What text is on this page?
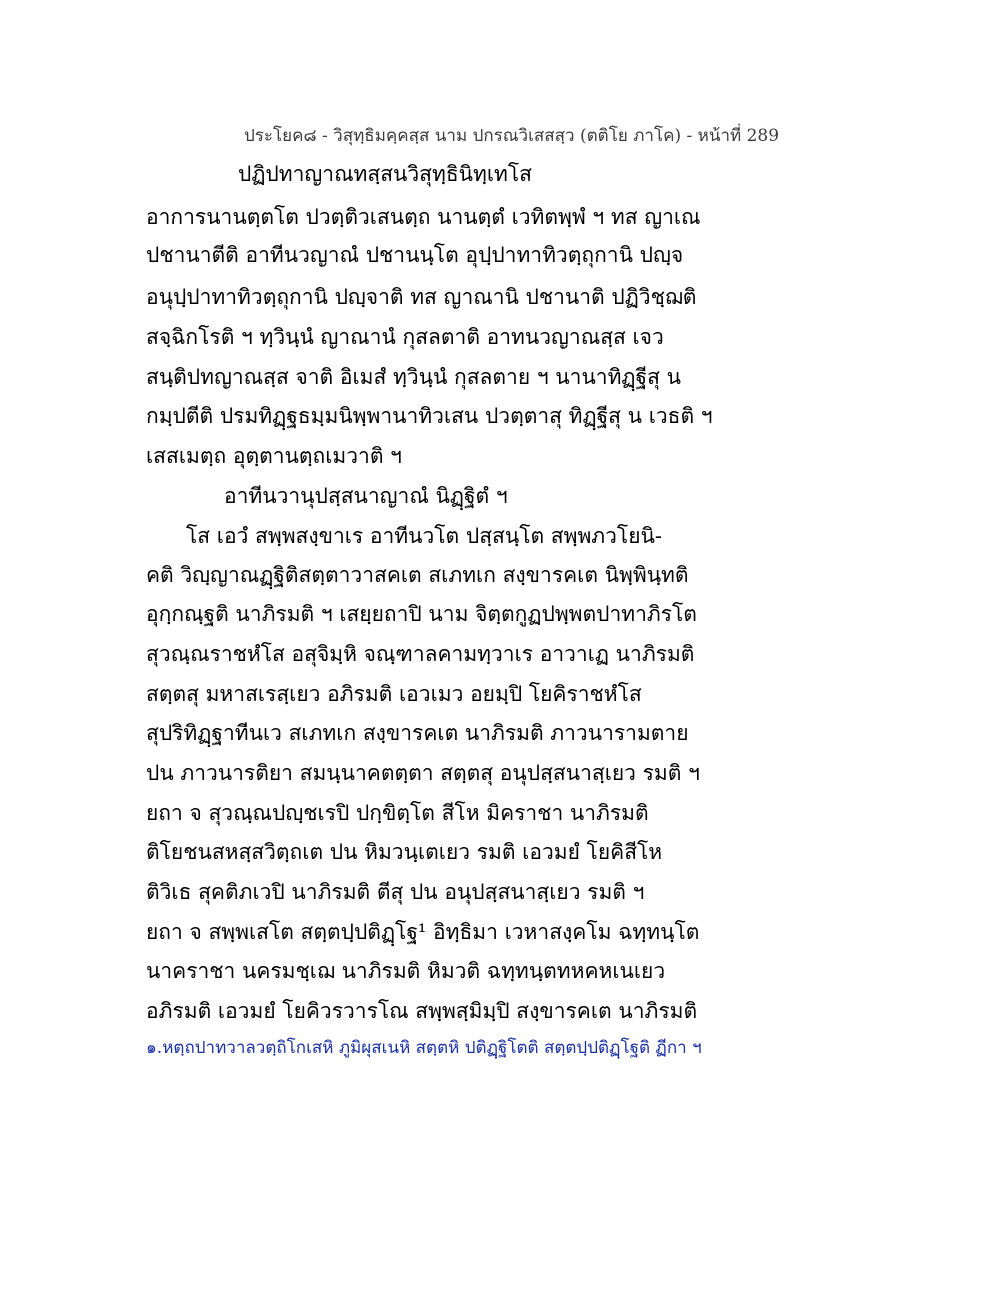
ประโยค๘ - วิสุทฺธิมคฺคสฺส นาม ปกรณวิเสสสฺว (ตติโย ภาโค) - หน้าที่ 289
ปฏิปทาญาณทสฺสนวิสุทฺธินิทฺเทโส
อาการนานตฺตโต ปวตฺติวเสนตฺถ นานตฺตํ เวทิตพฺพํ ฯ ทส ญาเณ
ปชานาตีติ อาทีนวญาณํ ปชานนฺโต อุปฺปาทาทิวตฺถุกานิ ปญฺจ
อนุปฺปาทาทิวตฺถุกานิ ปญฺจาติ ทส ญาณานิ ปชานาติ ปฏิวิชฺฌติ
สจฺฉิกโรติ ฯ ทฺวินฺนํ ญาณานํ กุสลตาติ อาทนวญาณสฺส เจว
สนฺติปทญาณสฺส จาติ อิเมสํ ทฺวินฺนํ กุสลตาย ฯ นานาทิฏฺฐีสุ น
กมฺปตีติ ปรมทิฏฺฐธมฺมนิพฺพานาทิวเสน ปวตฺตาสุ ทิฏฺฐีสุ น เวธติ ฯ
เสสเมตฺถ อุตฺตานตฺถเมวาติ ฯ
อาทีนวานุปสฺสนาญาณํ นิฏฺฐิตํ ฯ
โส เอวํ สพฺพสงฺขาเร อาทีนวโต ปสฺสนฺโต สพฺพภวโยนิ-
คติ วิญฺญาณฏฺฐิติสตฺตาวาสคเต สเภทเก สงฺขารคเต นิพฺพินฺทติ
อุกฺกณฺฐติ นาภิรมติ ฯ เสยฺยถาปิ นาม จิตฺตกูฏปพฺพตปาทาภิรโต
สุวณฺณราชหํโส อสุจิมฺหิ จณฺฑาลคามทฺวาเร อาวาเฏ นาภิรมติ
สตฺตสุ มหาสเรสฺเยว อภิรมติ เอวเมว อยมฺปิ โยคิราชหํโส
สุปริทิฏฺฐาทีนเว สเภทเก สงฺขารคเต นาภิรมติ ภาวนารามตาย
ปน ภาวนารติยา สมนฺนาคตตฺตา สตฺตสุ อนุปสฺสนาสฺเยว รมติ ฯ
ยถา จ สุวณฺณปญฺชเรปิ ปกฺขิตฺโต สีโห มิคราชา นาภิรมติ
ติโยชนสหสฺสวิตฺถเต ปน หิมวนฺเตเยว รมติ เอวมยํ โยคิสีโห
ติวิเธ สุคติภเวปิ นาภิรมติ ตีสุ ปน อนุปสฺสนาสฺเยว รมติ ฯ
ยถา จ สพฺพเสโต สตฺตปฺปติฏฺโฐ¹ อิทฺธิมา เวหาสงฺคโม ฉทฺทนฺโต
นาคราชา นครมชฺเฌ นาภิรมติ หิมวติ ฉทฺทนฺตทหคหเนเยว
อภิรมติ เอวมยํ โยคิวรวารโณ สพฺพสฺมิมฺปิ สงฺขารคเต นาภิรมติ
๑.หตฺถปาทวาลวตฺถิโกเสหิ ภูมิผุสเนหิ สตฺตหิ ปติฏฺฐิโตติ สตฺตปฺปติฏฺโฐติ ฏีกา ฯ
